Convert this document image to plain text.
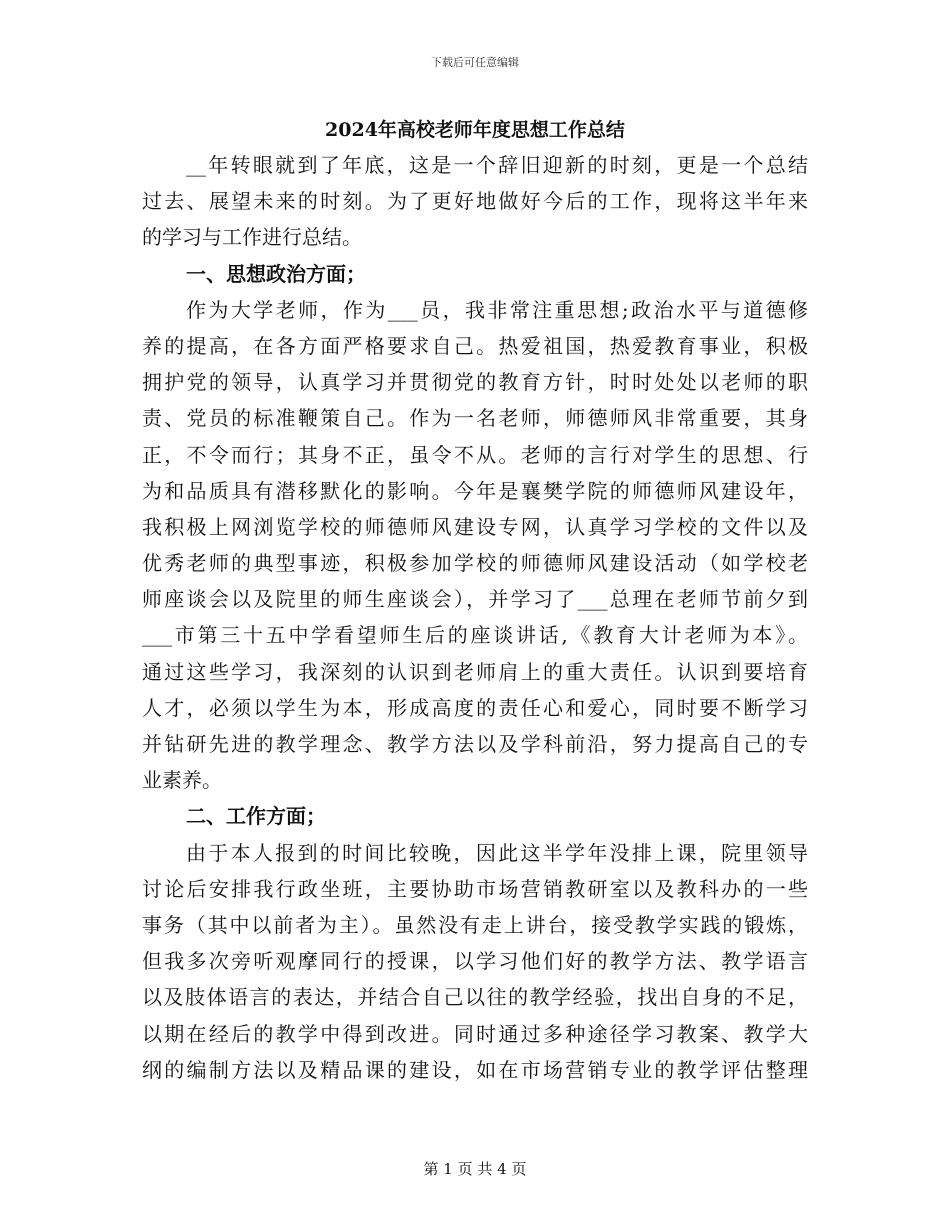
下载后可任意编辑
2024年高校老师年度思想工作总结
__年转眼就到了年底，这是一个辞旧迎新的时刻，更是一个总结
过去、展望未来的时刻。为了更好地做好今后的工作，现将这半年来
的学习与工作进行总结。
一、思想政治方面；
作为大学老师，作为___员，我非常注重思想;政治水平与道德修
养的提高，在各方面严格要求自己。热爱祖国，热爱教育事业，积极
拥护党的领导，认真学习并贯彻党的教育方针，时时处处以老师的职
责、党员的标准鞭策自己。作为一名老师，师德师风非常重要，其身
正，不令而行；其身不正，虽令不从。老师的言行对学生的思想、行
为和品质具有潜移默化的影响。今年是襄樊学院的师德师风建设年，
我积极上网浏览学校的师德师风建设专网，认真学习学校的文件以及
优秀老师的典型事迹，积极参加学校的师德师风建设活动（如学校老
师座谈会以及院里的师生座谈会），并学习了___总理在老师节前夕到
___市第三十五中学看望师生后的座谈讲话,《教育大计老师为本》。
通过这些学习，我深刻的认识到老师肩上的重大责任。认识到要培育
人才，必须以学生为本，形成高度的责任心和爱心，同时要不断学习
并钻研先进的教学理念、教学方法以及学科前沿，努力提高自己的专
业素养。
二、工作方面；
由于本人报到的时间比较晚，因此这半学年没排上课，院里领导
讨论后安排我行政坐班，主要协助市场营销教研室以及教科办的一些
事务（其中以前者为主）。虽然没有走上讲台，接受教学实践的锻炼，
但我多次旁听观摩同行的授课，以学习他们好的教学方法、教学语言
以及肢体语言的表达，并结合自己以往的教学经验，找出自身的不足，
以期在经后的教学中得到改进。同时通过多种途径学习教案、教学大
纲的编制方法以及精品课的建设，如在市场营销专业的教学评估整理
第 1 页 共 4 页
